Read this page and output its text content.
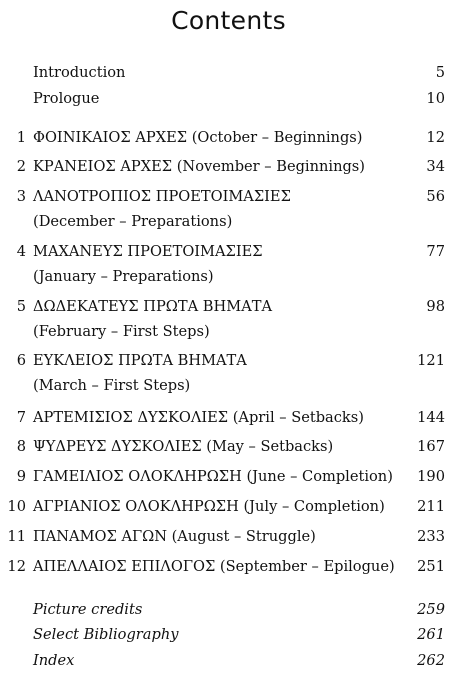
Contents
Introduction	5
Prologue	10
1 ΦΟΙΝΙΚΑΙΟΣ ΑΡΧΕΣ (October – Beginnings)	12
2 ΚΡΑΝΕΙΟΣ ΑΡΧΕΣ (November – Beginnings)	34
3 ΛΑΝΟΤΡΟΠΙΟΣ ΠΡΟΕΤΟΙΜΑΣΙΕΣ	56
(December – Preparations)
4 ΜΑΧΑΝΕΥΣ ΠΡΟΕΤΟΙΜΑΣΙΕΣ	77
(January – Preparations)
5 ΔΩΔΕΚΑΤΕΥΣ ΠΡΩΤΑ ΒΗΜΑΤΑ	98
(February – First Steps)
6 ΕΥΚΛΕΙΟΣ ΠΡΩΤΑ ΒΗΜΑΤΑ	121
(March – First Steps)
7 ΑΡΤΕΜΙΣΙΟΣ ΔΥΣΚΟΛΙΕΣ (April – Setbacks)	144
8 ΨΥΔΡΕΥΣ ΔΥΣΚΟΛΙΕΣ (May – Setbacks)	167
9 ΓΑΜΕΙΛΙΟΣ ΟΛΟΚΛΗΡΩΣΗ (June – Completion) 190
10 ΑΓΡΙΑΝΙΟΣ ΟΛΟΚΛΗΡΩΣΗ (July – Completion) 211
11 ΠΑΝΑΜΟΣ ΑΓΩΝ (August – Struggle)	233
12 ΑΠΕΛΛΑΙΟΣ ΕΠΙΛΟΓΟΣ (September – Epilogue) 251
Picture credits	259
Select Bibliography	261
Index	262
